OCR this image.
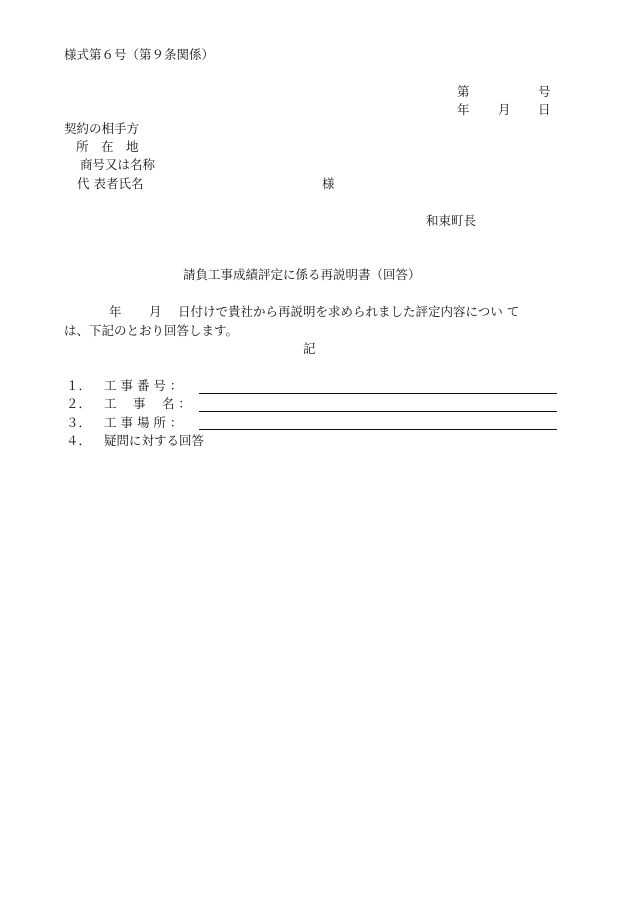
様式第６号（第９条関係）
第	号
年 月 日
契約の相手方
所　在　地
商号又は名称
代 表者氏名	様
和束町長
請負工事成績評定に係る再説明書（回答）
年 月 日付けで貴社から再説明を求められました評定内容につい て
は、下記のとおり回答します。
記
１． 工 事 番 号 ：
２． 工　 事　 名 ：
３． 工 事 場 所 ：
４． 疑問に対する回答
